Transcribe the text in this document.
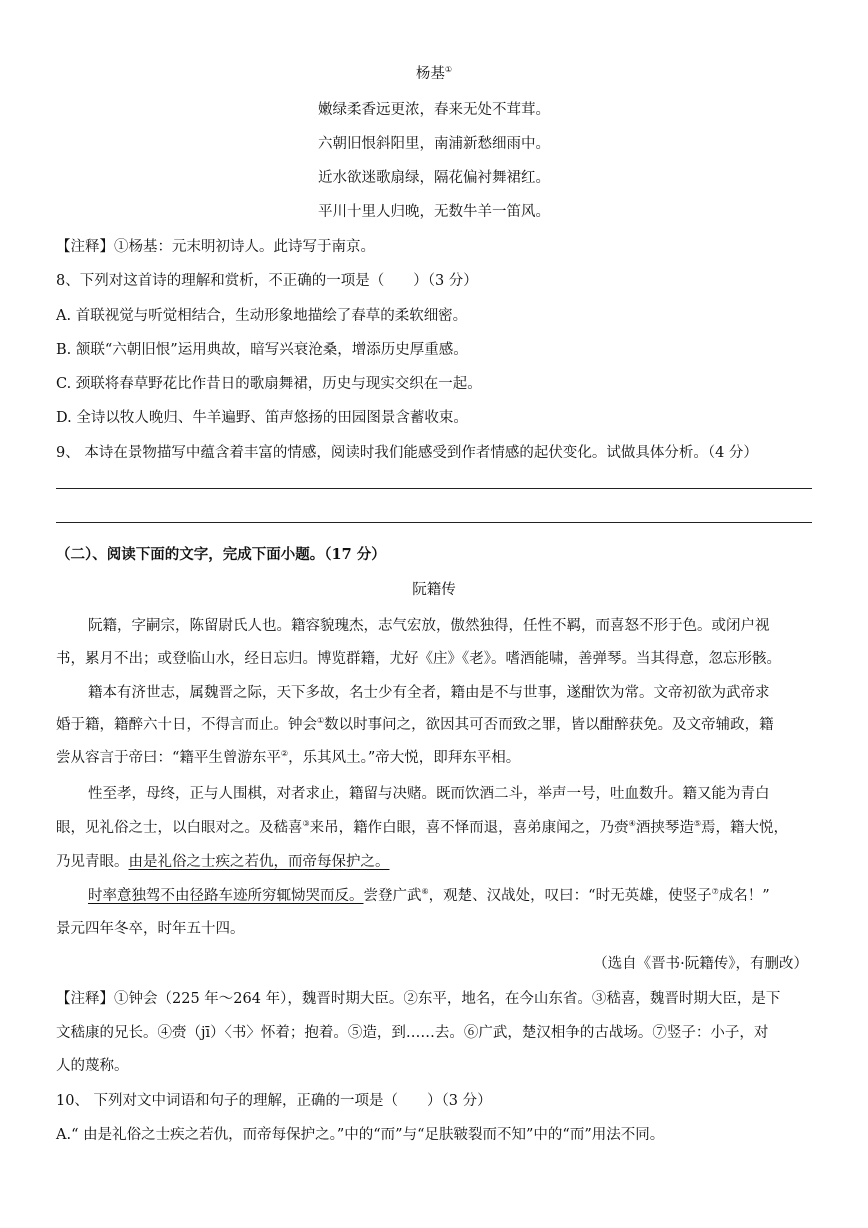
杨基①
嫩绿柔香远更浓，春来无处不茸茸。
六朝旧恨斜阳里，南浦新愁细雨中。
近水欲迷歌扇绿，隔花偏衬舞裙红。
平川十里人归晚，无数牛羊一笛风。
【注释】①杨基：元末明初诗人。此诗写于南京。
8、下列对这首诗的理解和赏析，不正确的一项是（　　）（3 分）
A. 首联视觉与听觉相结合，生动形象地描绘了春草的柔软细密。
B. 颔联“六朝旧恨”运用典故，暗写兴衰沧桑，增添历史厚重感。
C. 颈联将春草野花比作昔日的歌扇舞裙，历史与现实交织在一起。
D. 全诗以牧人晚归、牛羊遍野、笛声悠扬的田园图景含蓄收束。
9、 本诗在景物描写中蕴含着丰富的情感，阅读时我们能感受到作者情感的起伏变化。试做具体分析。（4 分）
（二）、阅读下面的文字，完成下面小题。（17 分）
阮籍传
阮籍，字嗣宗，陈留尉氏人也。籍容貌瑰杰，志气宏放，傲然独得，任性不羁，而喜怒不形于色。或闭户视
书，累月不出；或登临山水，经日忘归。博览群籍，尤好《庄》《老》。嗜酒能啸，善弹琴。当其得意，忽忘形骸。
籍本有济世志，属魏晋之际，天下多故，名士少有全者，籍由是不与世事，遂酣饮为常。文帝初欲为武帝求
婚于籍，籍醉六十日，不得言而止。钟会①数以时事问之，欲因其可否而致之罪，皆以酣醉获免。及文帝辅政，籍
尝从容言于帝曰：“籍平生曾游东平②，乐其风土。”帝大悦，即拜东平相。
性至孝，母终，正与人围棋，对者求止，籍留与决赌。既而饮酒二斗，举声一号，吐血数升。籍又能为青白
眼，见礼俗之士，以白眼对之。及嵇喜③来吊，籍作白眼，喜不怿而退，喜弟康闻之，乃赍④酒挟琴造⑤焉，籍大悦，
乃见青眼。由是礼俗之士疾之若仇，而帝每保护之。
时率意独驾不由径路车迹所穷辄恸哭而反。尝登广武⑥，观楚、汉战处，叹曰：“时无英雄，使竖子⑦成名！”
景元四年冬卒，时年五十四。
（选自《晋书·阮籍传》，有删改）
【注释】①钟会（225 年～264 年），魏晋时期大臣。②东平，地名，在今山东省。③嵇喜，魏晋时期大臣，是下
文嵇康的兄长。④赍（jī）〈书〉怀着；抱着。⑤造，到……去。⑥广武，楚汉相争的古战场。⑦竖子：小子，对
人的蔑称。
10、 下列对文中词语和句子的理解，正确的一项是（　　）（3 分）
A.“ 由是礼俗之士疾之若仇，而帝每保护之。”中的“而”与“足肤皲裂而不知”中的“而”用法不同。
